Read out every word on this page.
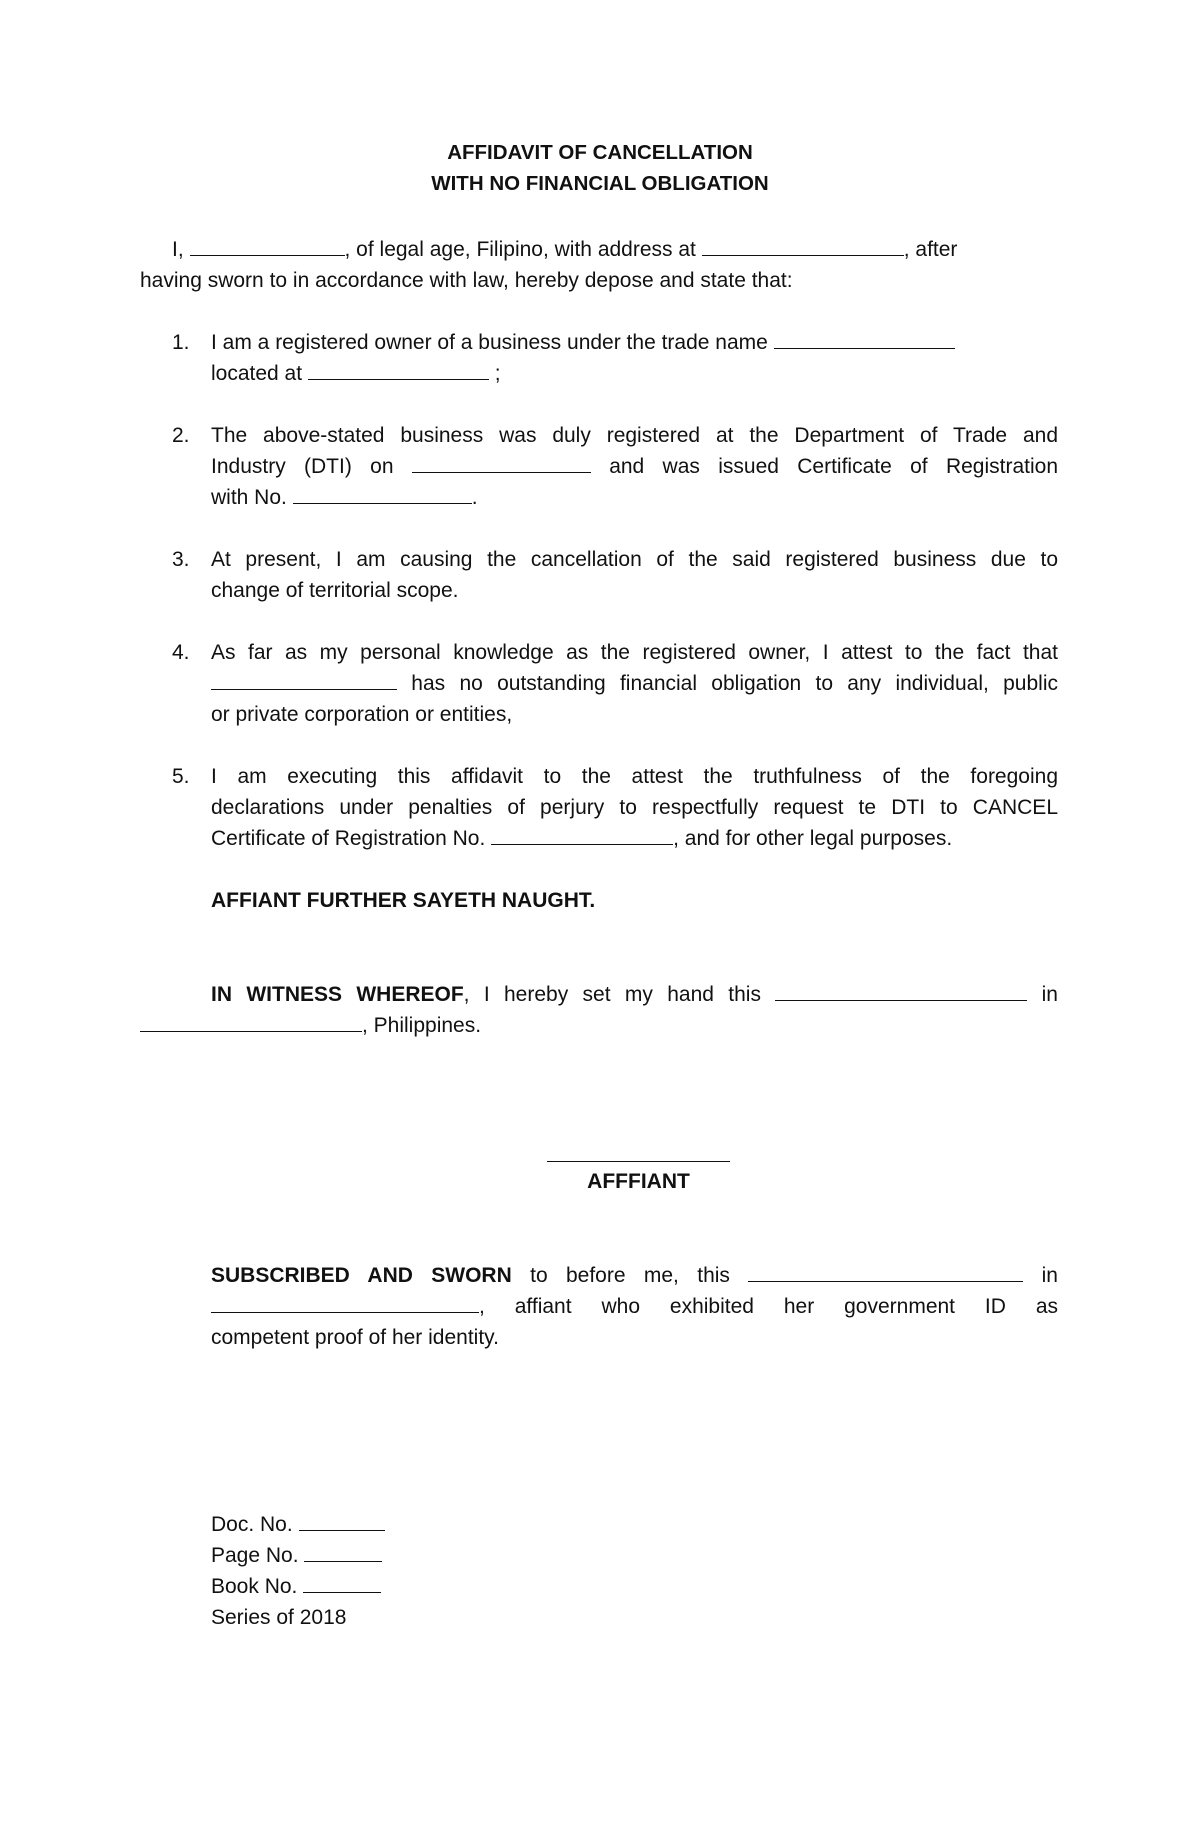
AFFIDAVIT OF CANCELLATION
WITH NO FINANCIAL OBLIGATION
I,	, of legal age, Filipino, with address at	, after
having sworn to in accordance with law, hereby depose and state that:
1. I am a registered owner of a business under the trade name
located at	;
2. The above-stated business was duly registered at the Department of Trade and
Industry (DTI) on	and was issued Certificate of Registration
with No.	.
3. At present, I am causing the cancellation of the said registered business due to
change of territorial scope.
4. As far as my personal knowledge as the registered owner, I attest to the fact that
has no outstanding financial obligation to any individual, public
or private corporation or entities,
5. I am executing this affidavit to the attest the truthfulness of the foregoing
declarations under penalties of perjury to respectfully request te DTI to CANCEL
Certificate of Registration No.	, and for other legal purposes.
AFFIANT FURTHER SAYETH NAUGHT.
IN WITNESS WHEREOF, I hereby set my hand this	in
, Philippines.
AFFFIANT
SUBSCRIBED AND SWORN to before me, this	in
, affiant who exhibited her government ID as
competent proof of her identity.
Doc. No.
Page No.
Book No.
Series of 2018
